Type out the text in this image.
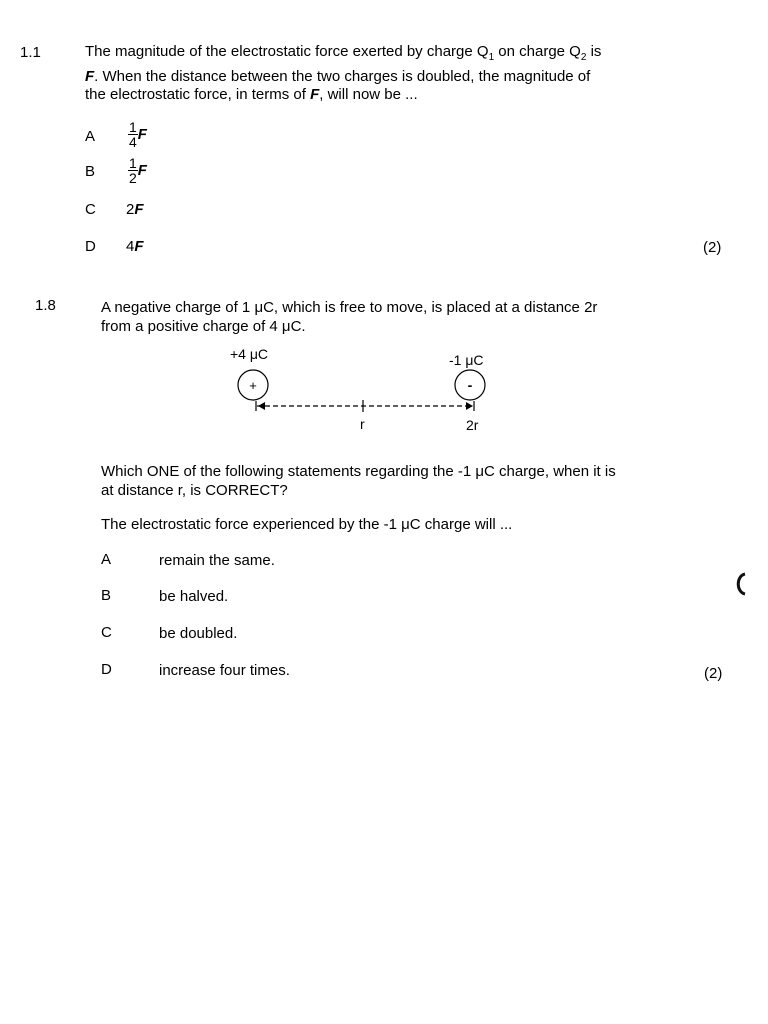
1.1	The magnitude of the electrostatic force exerted by charge $Q_1$ on charge $Q_2$ is
F. When the distance between the two charges is doubled, the magnitude of
the electrostatic force, in terms of F, will now be ...
A $\frac{1}{4}$ F
B $\frac{1}{2}$ F
C 2F
D 4F	(2)
1.8	A negative charge of 1 μC, which is free to move, is placed at a distance 2r
from a positive charge of 4 μC.
+4 μC	-1 μC
+	-
r	2r
Which ONE of the following statements regarding the -1 μC charge, when it is
at distance r, is CORRECT?
The electrostatic force experienced by the -1 μC charge will ...
A	remain the same.
B	be halved.
C	be doubled.
D	increase four times.	(2)
